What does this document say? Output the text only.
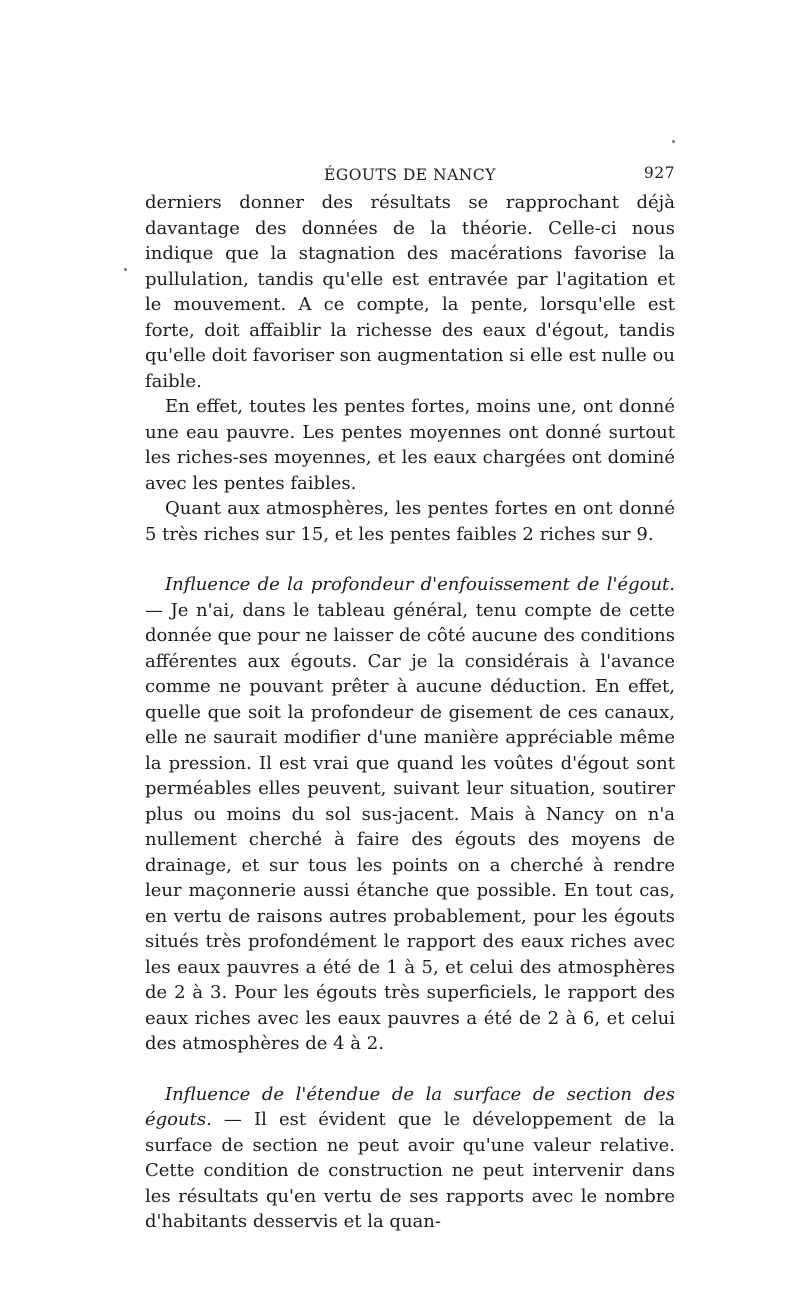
ÉGOUTS DE NANCY	927

derniers donner des résultats se rapprochant déjà davantage des données de la théorie. Celle-ci nous indique que la stagnation des macérations favorise la pullulation, tandis qu'elle est entravée par l'agitation et le mouvement. A ce compte, la pente, lorsqu'elle est forte, doit affaiblir la richesse des eaux d'égout, tandis qu'elle doit favoriser son augmentation si elle est nulle ou faible.

En effet, toutes les pentes fortes, moins une, ont donné une eau pauvre. Les pentes moyennes ont donné surtout les riches-ses moyennes, et les eaux chargées ont dominé avec les pentes faibles.

Quant aux atmosphères, les pentes fortes en ont donné 5 très riches sur 15, et les pentes faibles 2 riches sur 9.

Influence de la profondeur d'enfouissement de l'égout. — Je n'ai, dans le tableau général, tenu compte de cette donnée que pour ne laisser de côté aucune des conditions afférentes aux égouts. Car je la considérais à l'avance comme ne pouvant prêter à aucune déduction. En effet, quelle que soit la profondeur de gisement de ces canaux, elle ne saurait modifier d'une manière appréciable même la pression. Il est vrai que quand les voûtes d'égout sont perméables elles peuvent, suivant leur situation, soutirer plus ou moins du sol sus-jacent. Mais à Nancy on n'a nullement cherché à faire des égouts des moyens de drainage, et sur tous les points on a cherché à rendre leur maçonnerie aussi étanche que possible. En tout cas, en vertu de raisons autres probablement, pour les égouts situés très profondément le rapport des eaux riches avec les eaux pauvres a été de 1 à 5, et celui des atmosphères de 2 à 3. Pour les égouts très superficiels, le rapport des eaux riches avec les eaux pauvres a été de 2 à 6, et celui des atmosphères de 4 à 2.

Influence de l'étendue de la surface de section des égouts. — Il est évident que le développement de la surface de section ne peut avoir qu'une valeur relative. Cette condition de construction ne peut intervenir dans les résultats qu'en vertu de ses rapports avec le nombre d'habitants desservis et la quan-
